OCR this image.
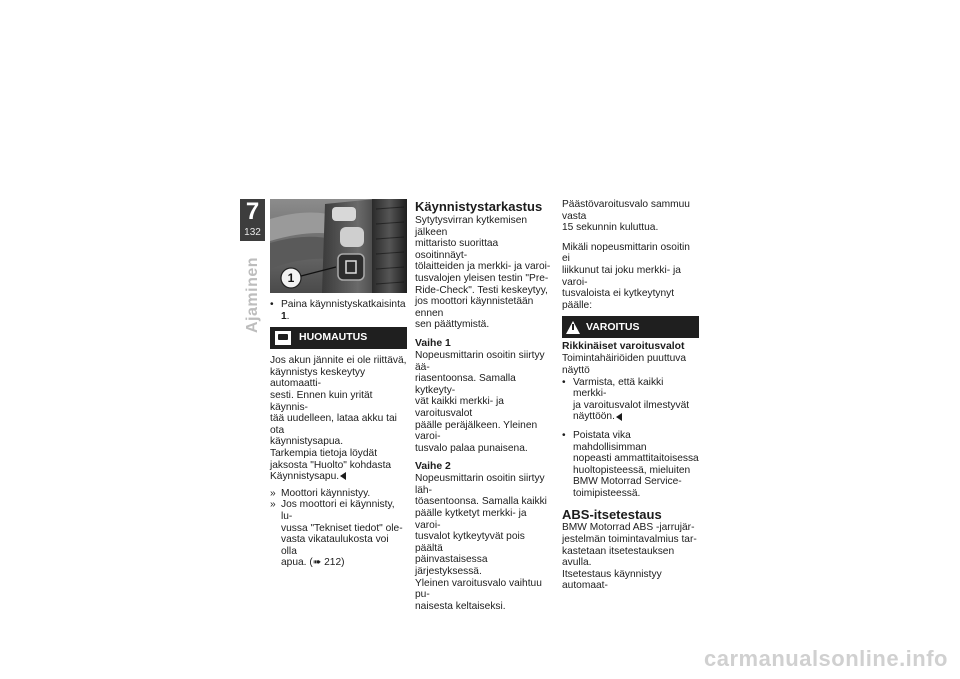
7
132
Ajaminen	1
• Paina käynnistyskatkaisinta 1.
HUOMAUTUS

Jos akun jännite ei ole riittävä,

käynnistys keskeytyy automaatti-

sesti. Ennen kuin yrität käynnis-

tää uudelleen, lataa akku tai ota

käynnistysapua.

Tarkempia tietoja löydät

jaksosta "Huolto" kohdasta

Käynnistysapu.

» Moottori käynnistyy.

» Jos moottori ei käynnisty, lu-

vussa "Tekniset tiedot" ole-

vasta vikataulukosta voi olla

apua. (➠ 212)

Käynnistystarkastus

Sytytysvirran kytkemisen jälkeen

mittaristo suorittaa osoitinnäyt-

tölaitteiden ja merkki- ja varoi-

tusvalojen yleisen testin "Pre-

Ride-Check". Testi keskeytyy,

jos moottori käynnistetään ennen

sen päättymistä.

Vaihe 1

Nopeusmittarin osoitin siirtyy ää-

riasentoonsa. Samalla kytkeyty-

vät kaikki merkki- ja varoitusvalot

päälle peräjälkeen. Yleinen varoi-

tusvalo palaa punaisena.

Vaihe 2

Nopeusmittarin osoitin siirtyy läh-

töasentoonsa. Samalla kaikki

päälle kytketyt merkki- ja varoi-

tusvalot kytkeytyvät pois päältä

päinvastaisessa järjestyksessä.

Yleinen varoitusvalo vaihtuu pu-

naisesta keltaiseksi.

Päästövaroitusvalo sammuu vasta

15 sekunnin kuluttua.

Mikäli nopeusmittarin osoitin ei

liikkunut tai joku merkki- ja varoi-

tusvaloista ei kytkeytynyt päälle:

VAROITUS
Rikkinäiset varoitusvalot

Toimintahäiriöiden puuttuva

näyttö

• Varmista, että kaikki merkki-

ja varoitusvalot ilmestyvät

näyttöön.

• Poistata vika mahdollisimman

nopeasti ammattitaitoisessa

huoltopisteessä, mieluiten

BMW Motorrad Service-

toimipisteessä.

ABS-itsetestaus

BMW Motorrad ABS -jarrujär-

jestelmän toimintavalmius tar-

kastetaan itsetestauksen avulla.

Itsetestaus käynnistyy automaat-

carmanualsonline.info
